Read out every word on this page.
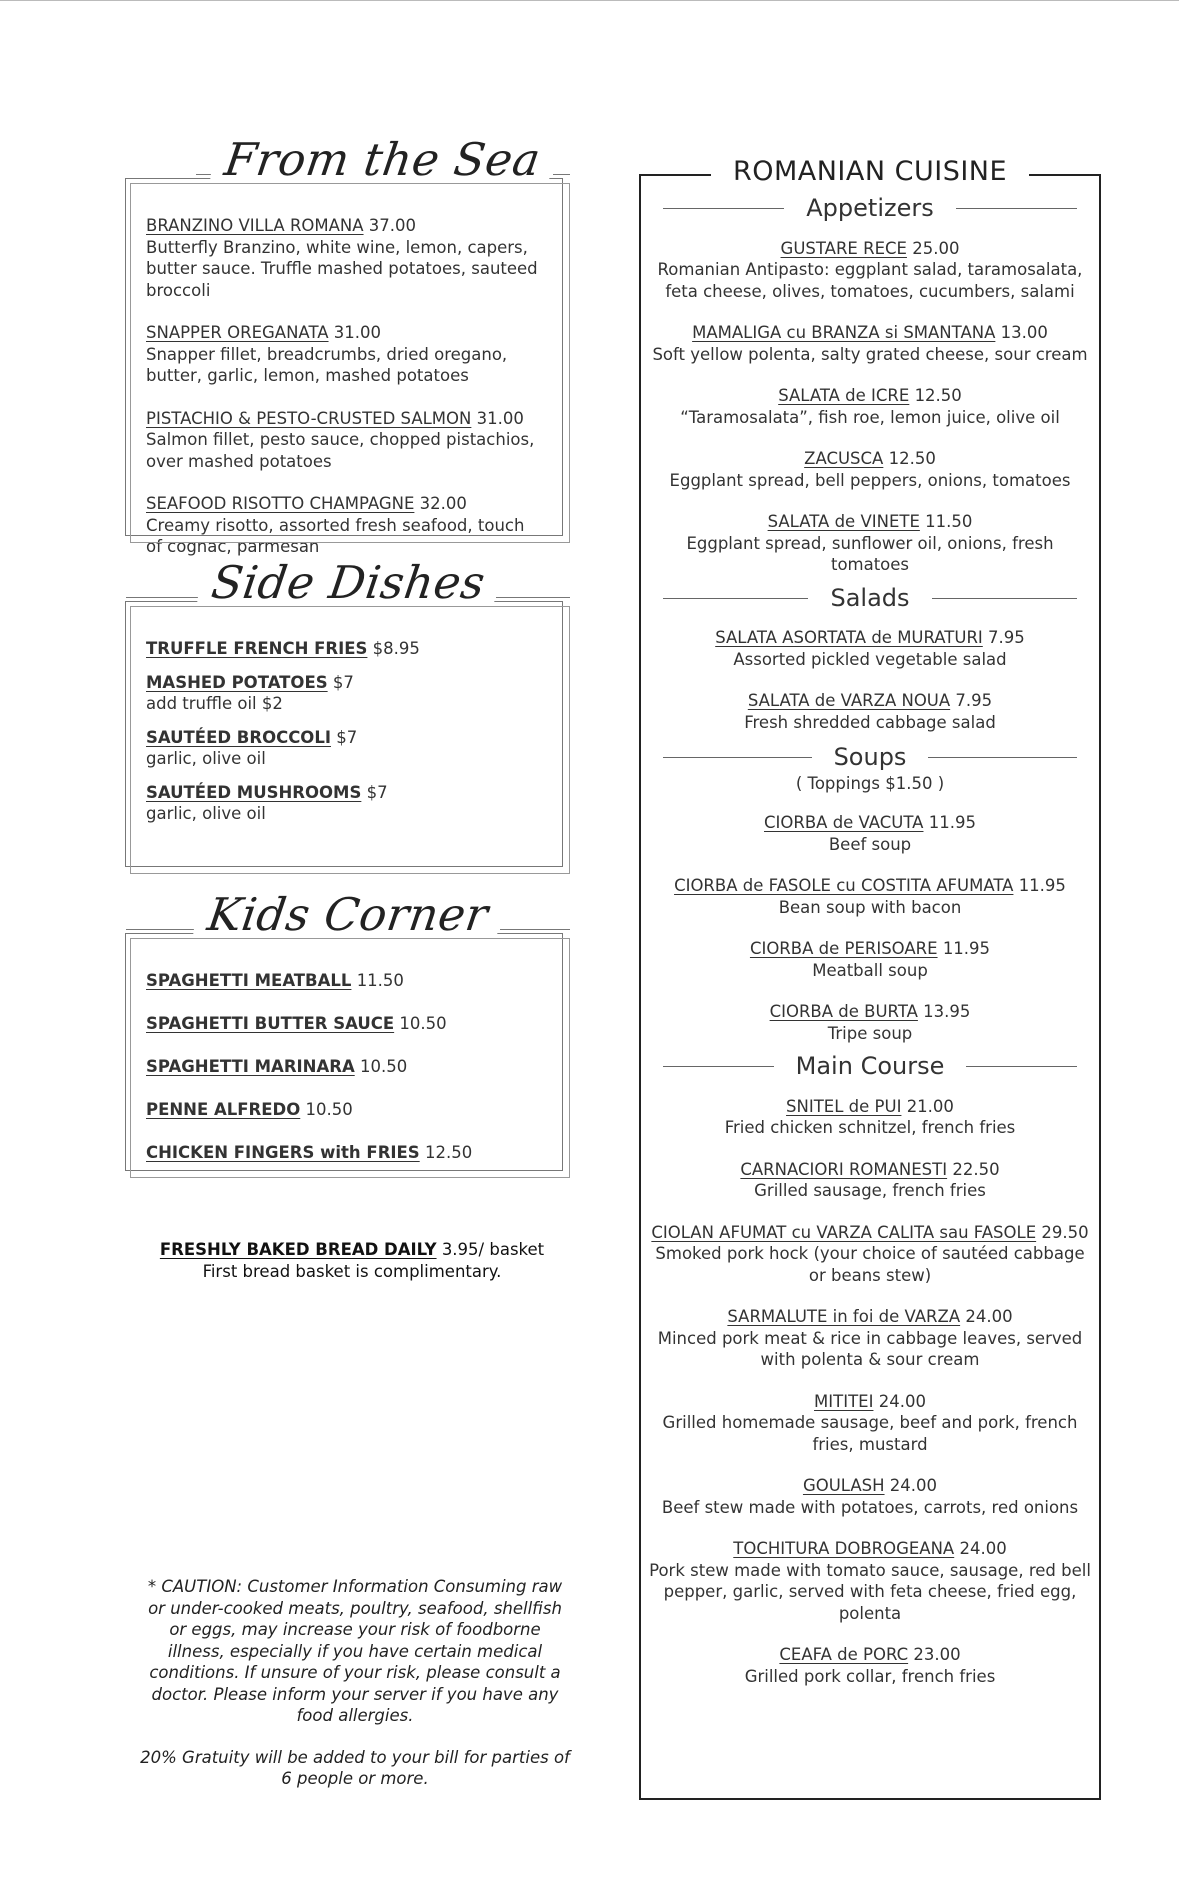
From the Sea
BRANZINO VILLA ROMANA 37.00
Butterfly Branzino, white wine, lemon, capers, butter sauce. Truffle mashed potatoes, sauteed broccoli
SNAPPER OREGANATA 31.00
Snapper fillet, breadcrumbs, dried oregano, butter, garlic, lemon, mashed potatoes
PISTACHIO & PESTO-CRUSTED SALMON 31.00
Salmon fillet, pesto sauce, chopped pistachios, over mashed potatoes
SEAFOOD RISOTTO CHAMPAGNE 32.00
Creamy risotto, assorted fresh seafood, touch of cognac, parmesan
Side Dishes
TRUFFLE FRENCH FRIES $8.95
MASHED POTATOES $7
add truffle oil $2
SAUTÉED BROCCOLI $7
garlic, olive oil
SAUTÉED MUSHROOMS $7
garlic, olive oil
Kids Corner
SPAGHETTI MEATBALL 11.50
SPAGHETTI BUTTER SAUCE 10.50
SPAGHETTI MARINARA 10.50
PENNE ALFREDO 10.50
CHICKEN FINGERS with FRIES 12.50
FRESHLY BAKED BREAD DAILY 3.95/ basket
First bread basket is complimentary.

* CAUTION: Customer Information Consuming raw or under-cooked meats, poultry, seafood, shellfish or eggs, may increase your risk of foodborne illness, especially if you have certain medical conditions. If unsure of your risk, please consult a doctor. Please inform your server if you have any food allergies.

20% Gratuity will be added to your bill for parties of 6 people or more.

ROMANIAN CUISINE
Appetizers
GUSTARE RECE 25.00
Romanian Antipasto: eggplant salad, taramosalata, feta cheese, olives, tomatoes, cucumbers, salami
MAMALIGA cu BRANZA si SMANTANA 13.00
Soft yellow polenta, salty grated cheese, sour cream
SALATA de ICRE 12.50
“Taramosalata”, fish roe, lemon juice, olive oil
ZACUSCA 12.50
Eggplant spread, bell peppers, onions, tomatoes
SALATA de VINETE 11.50
Eggplant spread, sunflower oil, onions, fresh tomatoes
Salads
SALATA ASORTATA de MURATURI 7.95
Assorted pickled vegetable salad
SALATA de VARZA NOUA 7.95
Fresh shredded cabbage salad
Soups
( Toppings $1.50 )
CIORBA de VACUTA 11.95
Beef soup
CIORBA de FASOLE cu COSTITA AFUMATA 11.95
Bean soup with bacon
CIORBA de PERISOARE 11.95
Meatball soup
CIORBA de BURTA 13.95
Tripe soup
Main Course
SNITEL de PUI 21.00
Fried chicken schnitzel, french fries
CARNACIORI ROMANESTI 22.50
Grilled sausage, french fries
CIOLAN AFUMAT cu VARZA CALITA sau FASOLE 29.50
Smoked pork hock (your choice of sautéed cabbage or beans stew)
SARMALUTE in foi de VARZA 24.00
Minced pork meat & rice in cabbage leaves, served with polenta & sour cream
MITITEI 24.00
Grilled homemade sausage, beef and pork, french fries, mustard
GOULASH 24.00
Beef stew made with potatoes, carrots, red onions
TOCHITURA DOBROGEANA 24.00
Pork stew made with tomato sauce, sausage, red bell pepper, garlic, served with feta cheese, fried egg, polenta
CEAFA de PORC 23.00
Grilled pork collar, french fries
